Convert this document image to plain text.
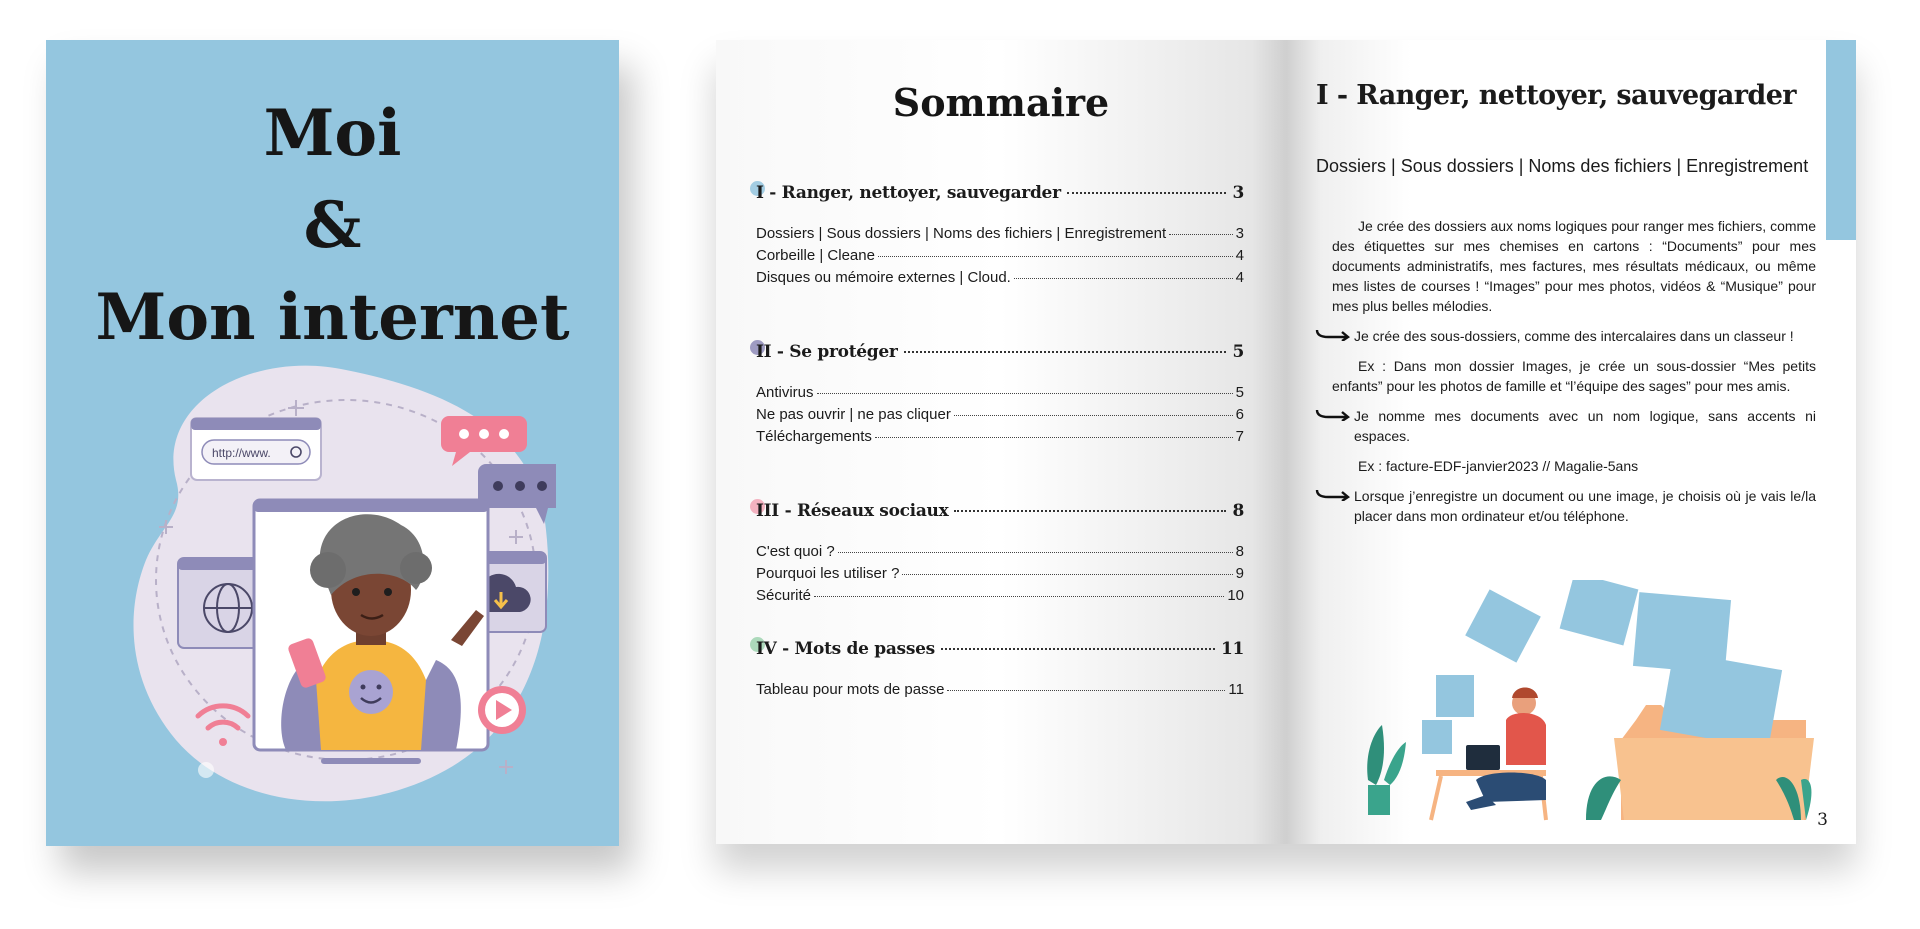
Moi
&
Mon internet
http://www.
Sommaire
I - Ranger, nettoyer, sauvegarder	3
Dossiers | Sous dossiers | Noms des fichiers | Enregistrement	3
Corbeille | Cleane	4
Disques ou mémoire externes | Cloud.	4
II - Se protéger	5
Antivirus	5
Ne pas ouvrir | ne pas cliquer	6
Téléchargements	7
III - Réseaux sociaux	8
C'est quoi ?	8
Pourquoi les utiliser ?	9
Sécurité	10
IV - Mots de passes	11
Tableau pour mots de passe	11
I - Ranger, nettoyer, sauvegarder
Dossiers | Sous dossiers | Noms des fichiers | Enregistrement

Je crée des dossiers aux noms logiques pour ranger mes fichiers, comme des étiquettes sur mes chemises en cartons : “Documents” pour mes documents administratifs, mes factures, mes résultats médicaux, ou même mes listes de courses ! “Images” pour mes photos, vidéos & “Musique” pour mes plus belles mélodies.

Je crée des sous-dossiers, comme des intercalaires dans un classeur !

Ex : Dans mon dossier Images, je crée un sous-dossier “Mes petits enfants” pour les photos de famille et “l’équipe des sages” pour mes amis.

Je nomme mes documents avec un nom logique, sans accents ni espaces.

Ex : facture-EDF-janvier2023 // Magalie-5ans

Lorsque j’enregistre un document ou une image, je choisis où je vais le/la placer dans mon ordinateur et/ou téléphone.

3
